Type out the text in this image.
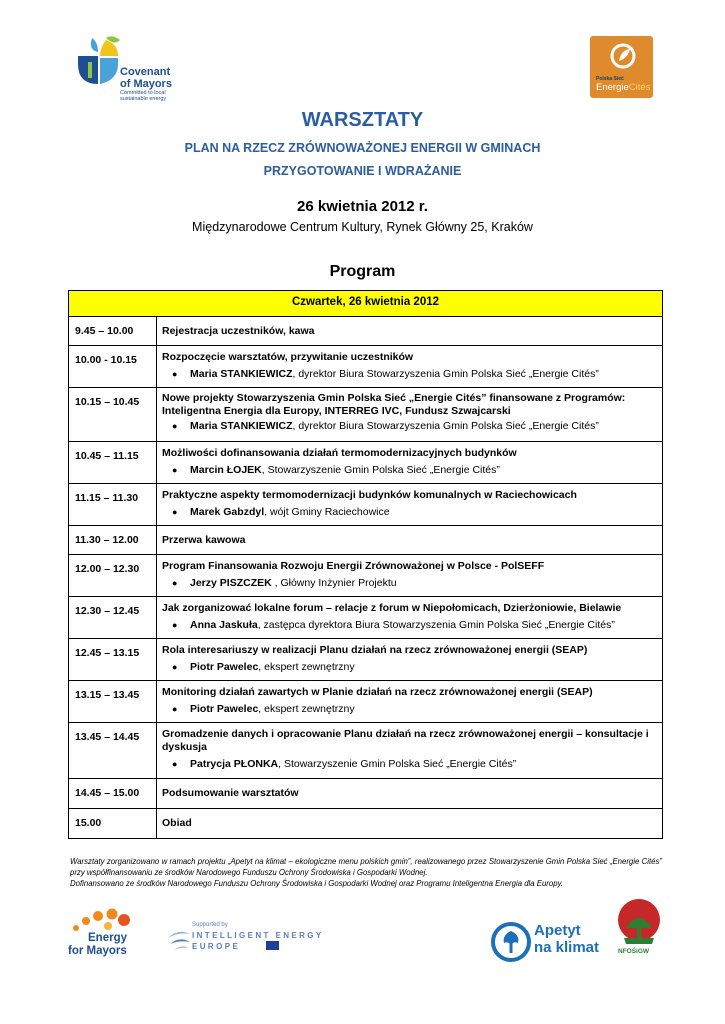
Covenant
of Mayors
Committed to local
sustainable energy
Polska Sieć
EnergieCités
WARSZTATY
PLAN NA RZECZ ZRÓWNOWAŻONEJ ENERGII W GMINACH
PRZYGOTOWANIE I WDRAŻANIE
26 kwietnia 2012 r.
Międzynarodowe Centrum Kultury, Rynek Główny 25, Kraków
Program
Czwartek, 26 kwietnia 2012	

9.45 – 10.00	Rejestracja uczestników, kawa

10.00 - 10.15	Rozpoczęcie warsztatów, przywitanie uczestników
● Maria STANKIEWICZ, dyrektor Biura Stowarzyszenia Gmin Polska Sieć „Energie Cités”

10.15 – 10.45	Nowe projekty Stowarzyszenia Gmin Polska Sieć „Energie Cités” finansowane z Programów: Inteligentna Energia dla Europy, INTERREG IVC, Fundusz Szwajcarski
● Maria STANKIEWICZ, dyrektor Biura Stowarzyszenia Gmin Polska Sieć „Energie Cités”

10.45 – 11.15	Możliwości dofinansowania działań termomodernizacyjnych budynków
● Marcin ŁOJEK, Stowarzyszenie Gmin Polska Sieć „Energie Cités”

11.15 – 11.30	Praktyczne aspekty termomodernizacji budynków komunalnych w Raciechowicach
● Marek Gabzdyl, wójt Gminy Raciechowice

11.30 – 12.00	Przerwa kawowa

12.00 – 12.30	Program Finansowania Rozwoju Energii Zrównoważonej w Polsce - PolSEFF
● Jerzy PISZCZEK , Główny Inżynier Projektu

12.30 – 12.45	Jak zorganizować lokalne forum – relacje z forum w Niepołomicach, Dzierżoniowie, Bielawie
● Anna Jaskuła, zastępca dyrektora Biura Stowarzyszenia Gmin Polska Sieć „Energie Cités”

12.45 – 13.15	Rola interesariuszy w realizacji Planu działań na rzecz zrównoważonej energii (SEAP)
● Piotr Pawelec, ekspert zewnętrzny

13.15 – 13.45	Monitoring działań zawartych w Planie działań na rzecz zrównoważonej energii (SEAP)
● Piotr Pawelec, ekspert zewnętrzny

13.45 – 14.45	Gromadzenie danych i opracowanie Planu działań na rzecz zrównoważonej energii – konsultacje i dyskusja
● Patrycja PŁONKA, Stowarzyszenie Gmin Polska Sieć „Energie Cités”

14.45 – 15.00	Podsumowanie warsztatów

15.00	Obiad
Warsztaty zorganizowano w ramach projektu „Apetyt na klimat – ekologiczne menu polskich gmin”, realizowanego przez Stowarzyszenie Gmin Polska Sieć „Energie Cités” przy współfinansowaniu ze środków Narodowego Funduszu Ochrony Środowiska i Gospodarki Wodnej.
Dofinansowano ze środków Narodowego Funduszu Ochrony Środowiska i Gospodarki Wodnej oraz Programu Inteligentna Energia dla Europy.
Energy
for Mayors
Supported by
INTELLIGENT ENERGY
EUROPE
Apetyt
na klimat	NFOŚiGW
